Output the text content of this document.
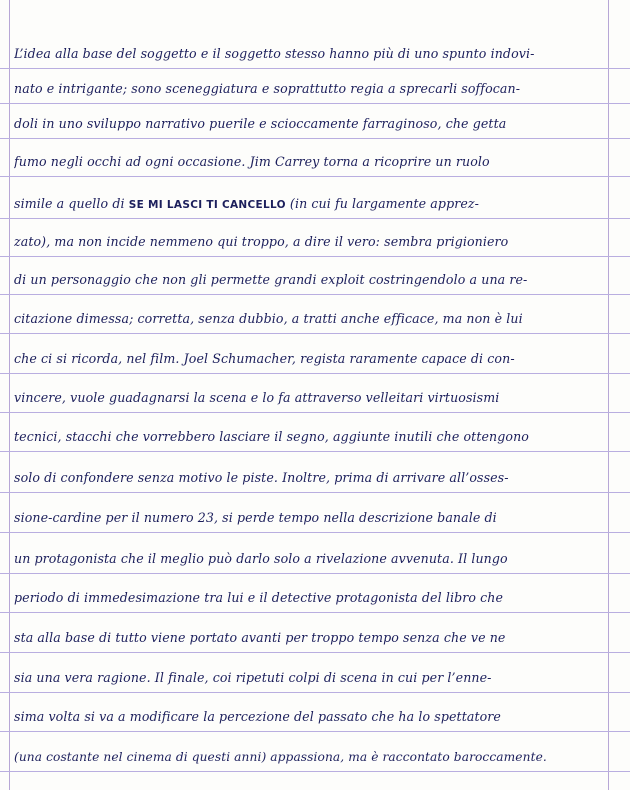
L’idea alla base del soggetto e il soggetto stesso hanno più di uno spunto indovi-
nato e intrigante; sono sceneggiatura e soprattutto regia a sprecarli soffocan-
doli in uno sviluppo narrativo puerile e scioccamente farraginoso, che getta
fumo negli occhi ad ogni occasione. Jim Carrey torna a ricoprire un ruolo
simile a quello di SE MI LASCI TI CANCELLO (in cui fu largamente apprez-
zato), ma non incide nemmeno qui troppo, a dire il vero: sembra prigioniero
di un personaggio che non gli permette grandi exploit costringendolo a una re-
citazione dimessa; corretta, senza dubbio, a tratti anche efficace, ma non è lui
che ci si ricorda, nel film. Joel Schumacher, regista raramente capace di con-
vincere, vuole guadagnarsi la scena e lo fa attraverso velleitari virtuosismi
tecnici, stacchi che vorrebbero lasciare il segno, aggiunte inutili che ottengono
solo di confondere senza motivo le piste. Inoltre, prima di arrivare all’osses-
sione-cardine per il numero 23, si perde tempo nella descrizione banale di
un protagonista che il meglio può darlo solo a rivelazione avvenuta. Il lungo
periodo di immedesimazione tra lui e il detective protagonista del libro che
sta alla base di tutto viene portato avanti per troppo tempo senza che ve ne
sia una vera ragione. Il finale, coi ripetuti colpi di scena in cui per l’enne-
sima volta si va a modificare la percezione del passato che ha lo spettatore
(una costante nel cinema di questi anni) appassiona, ma è raccontato baroccamente.
